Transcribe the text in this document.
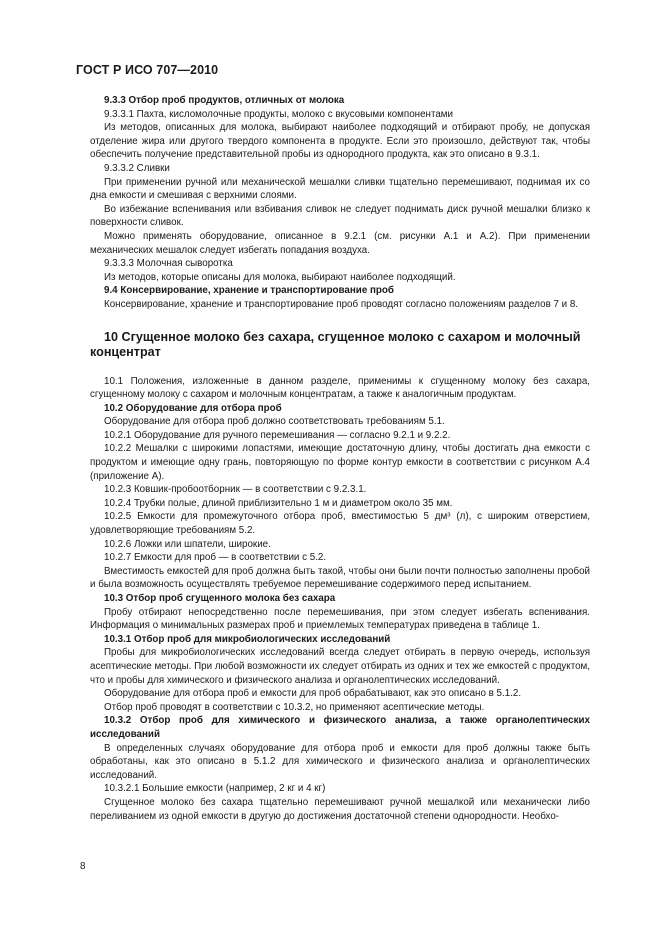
ГОСТ Р ИСО 707—2010

9.3.3 Отбор проб продуктов, отличных от молока

9.3.3.1 Пахта, кисломолочные продукты, молоко с вкусовыми компонентами

Из методов, описанных для молока, выбирают наиболее подходящий и отбирают пробу, не допуская отделение жира или другого твердого компонента в продукте. Если это произошло, действуют так, чтобы обеспечить получение представительной пробы из однородного продукта, как это описано в 9.3.1.

9.3.3.2 Сливки

При применении ручной или механической мешалки сливки тщательно перемешивают, поднимая их со дна емкости и смешивая с верхними слоями.

Во избежание вспенивания или взбивания сливок не следует поднимать диск ручной мешалки близко к поверхности сливок.

Можно применять оборудование, описанное в 9.2.1 (см. рисунки А.1 и А.2). При применении механических мешалок следует избегать попадания воздуха.

9.3.3.3 Молочная сыворотка

Из методов, которые описаны для молока, выбирают наиболее подходящий.

9.4 Консервирование, хранение и транспортирование проб

Консервирование, хранение и транспортирование проб проводят согласно положениям разделов 7 и 8.

10 Сгущенное молоко без сахара, сгущенное молоко с сахаром и молочный концентрат

10.1 Положения, изложенные в данном разделе, применимы к сгущенному молоку без сахара, сгущенному молоку с сахаром и молочным концентратам, а также к аналогичным продуктам.

10.2 Оборудование для отбора проб

Оборудование для отбора проб должно соответствовать требованиям 5.1.

10.2.1 Оборудование для ручного перемешивания — согласно 9.2.1 и 9.2.2.

10.2.2 Мешалки с широкими лопастями, имеющие достаточную длину, чтобы достигать дна емкости с продуктом и имеющие одну грань, повторяющую по форме контур емкости в соответствии с рисунком А.4 (приложение А).

10.2.3 Ковшик-пробоотборник — в соответствии с 9.2.3.1.

10.2.4 Трубки полые, длиной приблизительно 1 м и диаметром около 35 мм.

10.2.5 Емкости для промежуточного отбора проб, вместимостью 5 дм³ (л), с широким отверстием, удовлетворяющие требованиям 5.2.

10.2.6 Ложки или шпатели, широкие.

10.2.7 Емкости для проб — в соответствии с 5.2.

Вместимость емкостей для проб должна быть такой, чтобы они были почти полностью заполнены пробой и была возможность осуществлять требуемое перемешивание содержимого перед испытанием.

10.3 Отбор проб сгущенного молока без сахара

Пробу отбирают непосредственно после перемешивания, при этом следует избегать вспенивания. Информация о минимальных размерах проб и приемлемых температурах приведена в таблице 1.

10.3.1 Отбор проб для микробиологических исследований

Пробы для микробиологических исследований всегда следует отбирать в первую очередь, используя асептические методы. При любой возможности их следует отбирать из одних и тех же емкостей с продуктом, что и пробы для химического и физического анализа и органолептических исследований.

Оборудование для отбора проб и емкости для проб обрабатывают, как это описано в 5.1.2.

Отбор проб проводят в соответствии с 10.3.2, но применяют асептические методы.

10.3.2 Отбор проб для химического и физического анализа, а также органолептических исследований

В определенных случаях оборудование для отбора проб и емкости для проб должны также быть обработаны, как это описано в 5.1.2 для химического и физического анализа и органолептических исследований.

10.3.2.1 Большие емкости (например, 2 кг и 4 кг)

Сгущенное молоко без сахара тщательно перемешивают ручной мешалкой или механически либо переливанием из одной емкости в другую до достижения достаточной степени однородности. Необхо-

8
